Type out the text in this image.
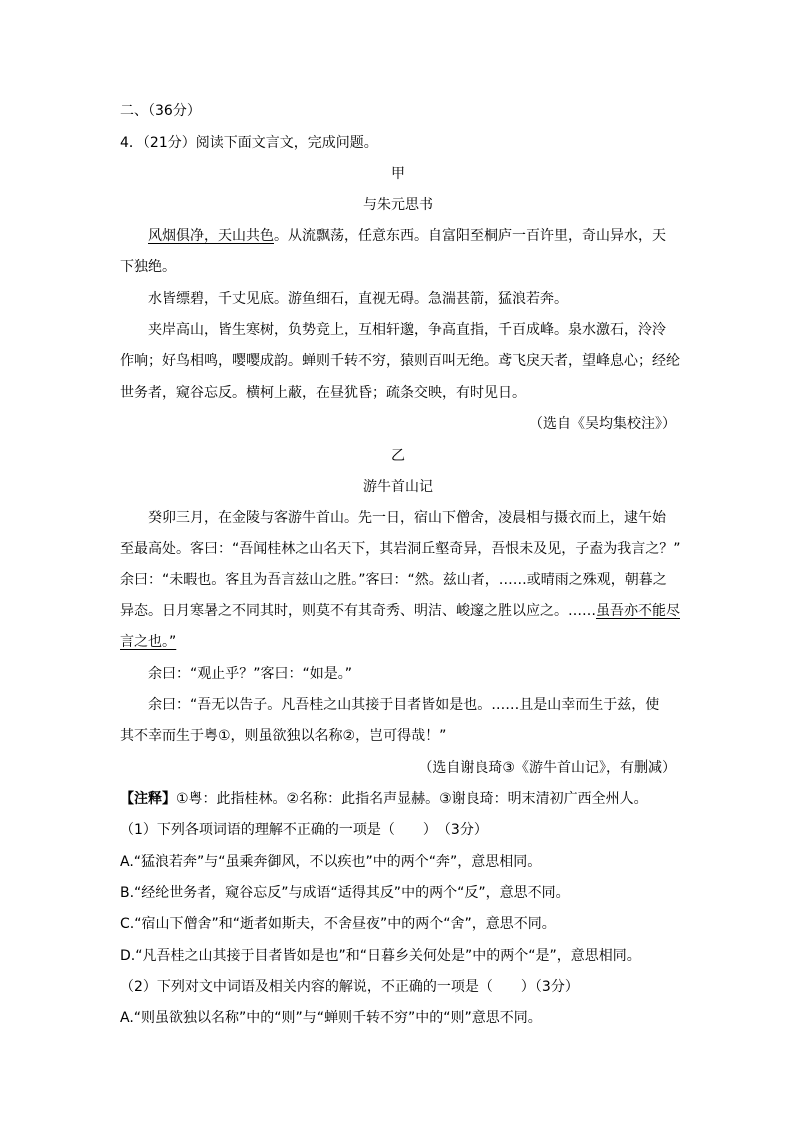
二、（36分）
4．（21分）阅读下面文言文，完成问题。
甲
与朱元思书
风烟俱净，天山共色。从流飘荡，任意东西。自富阳至桐庐一百许里，奇山异水，天
下独绝。
水皆缥碧，千丈见底。游鱼细石，直视无碍。急湍甚箭，猛浪若奔。
夹岸高山，皆生寒树，负势竞上，互相轩邈，争高直指，千百成峰。泉水激石，泠泠
作响；好鸟相鸣，嘤嘤成韵。蝉则千转不穷，猿则百叫无绝。鸢飞戾天者，望峰息心；经纶
世务者，窥谷忘反。横柯上蔽，在昼犹昏；疏条交映，有时见日。
（选自《吴均集校注》）
乙
游牛首山记
癸卯三月，在金陵与客游牛首山。先一日，宿山下僧舍，凌晨相与摄衣而上，逮午始
至最高处。客曰：“吾闻桂林之山名天下，其岩洞丘壑奇异，吾恨未及见，子盍为我言之？”
余曰：“未暇也。客且为吾言兹山之胜。”客曰：“然。兹山者，……或晴雨之殊观，朝暮之
异态。日月寒暑之不同其时，则莫不有其奇秀、明洁、峻邃之胜以应之。……虽吾亦不能尽
言之也。”
余曰：“观止乎？”客曰：“如是。”
余曰：“吾无以告子。凡吾桂之山其接于目者皆如是也。……且是山幸而生于兹，使
其不幸而生于粤①，则虽欲独以名称②，岂可得哉！”
（选自谢良琦③《游牛首山记》，有删减）
【注释】①粤：此指桂林。②名称：此指名声显赫。③谢良琦：明末清初广西全州人。
（1）下列各项词语的理解不正确的一项是（　　）　（3分）
A.“猛浪若奔”与“虽乘奔御风，不以疾也”中的两个“奔”，意思相同。
B.“经纶世务者，窥谷忘反”与成语“适得其反”中的两个“反”，意思不同。
C.“宿山下僧舍”和“逝者如斯夫，不舍昼夜”中的两个“舍”，意思不同。
D.“凡吾桂之山其接于目者皆如是也”和“日暮乡关何处是”中的两个“是”，意思相同。
（2）下列对文中词语及相关内容的解说，不正确的一项是（　　）（3分）
A.“则虽欲独以名称”中的“则”与“蝉则千转不穷”中的“则”意思不同。
